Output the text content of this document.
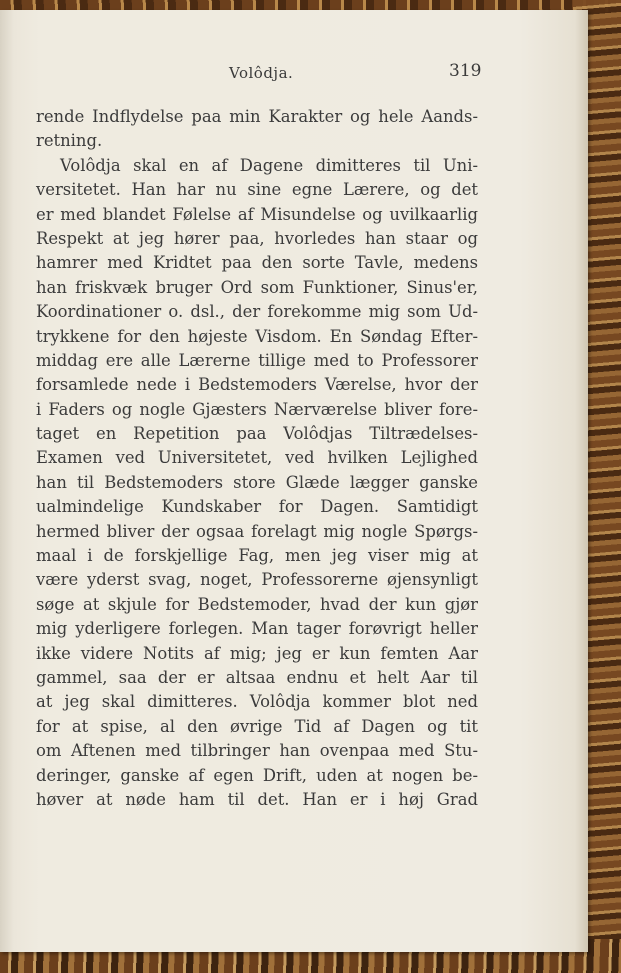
Volôdja.	319
rende Indflydelse paa min Karakter og hele Aands-
retning.
Volôdja skal en af Dagene dimitteres til Uni-
versitetet. Han har nu sine egne Lærere, og det
er med blandet Følelse af Misundelse og uvilkaarlig
Respekt at jeg hører paa, hvorledes han staar og
hamrer med Kridtet paa den sorte Tavle, medens
han friskvæk bruger Ord som Funktioner, Sinus'er,
Koordinationer o. dsl., der forekomme mig som Ud-
trykkene for den højeste Visdom. En Søndag Efter-
middag ere alle Lærerne tillige med to Professorer
forsamlede nede i Bedstemoders Værelse, hvor der
i Faders og nogle Gjæsters Nærværelse bliver fore-
taget en Repetition paa Volôdjas Tiltrædelses-
Examen ved Universitetet, ved hvilken Lejlighed
han til Bedstemoders store Glæde lægger ganske
ualmindelige Kundskaber for Dagen. Samtidigt
hermed bliver der ogsaa forelagt mig nogle Spørgs-
maal i de forskjellige Fag, men jeg viser mig at
være yderst svag, noget, Professorerne øjensynligt
søge at skjule for Bedstemoder, hvad der kun gjør
mig yderligere forlegen. Man tager forøvrigt heller
ikke videre Notits af mig; jeg er kun femten Aar
gammel, saa der er altsaa endnu et helt Aar til
at jeg skal dimitteres. Volôdja kommer blot ned
for at spise, al den øvrige Tid af Dagen og tit
om Aftenen med tilbringer han ovenpaa med Stu-
deringer, ganske af egen Drift, uden at nogen be-
høver at nøde ham til det. Han er i høj Grad
